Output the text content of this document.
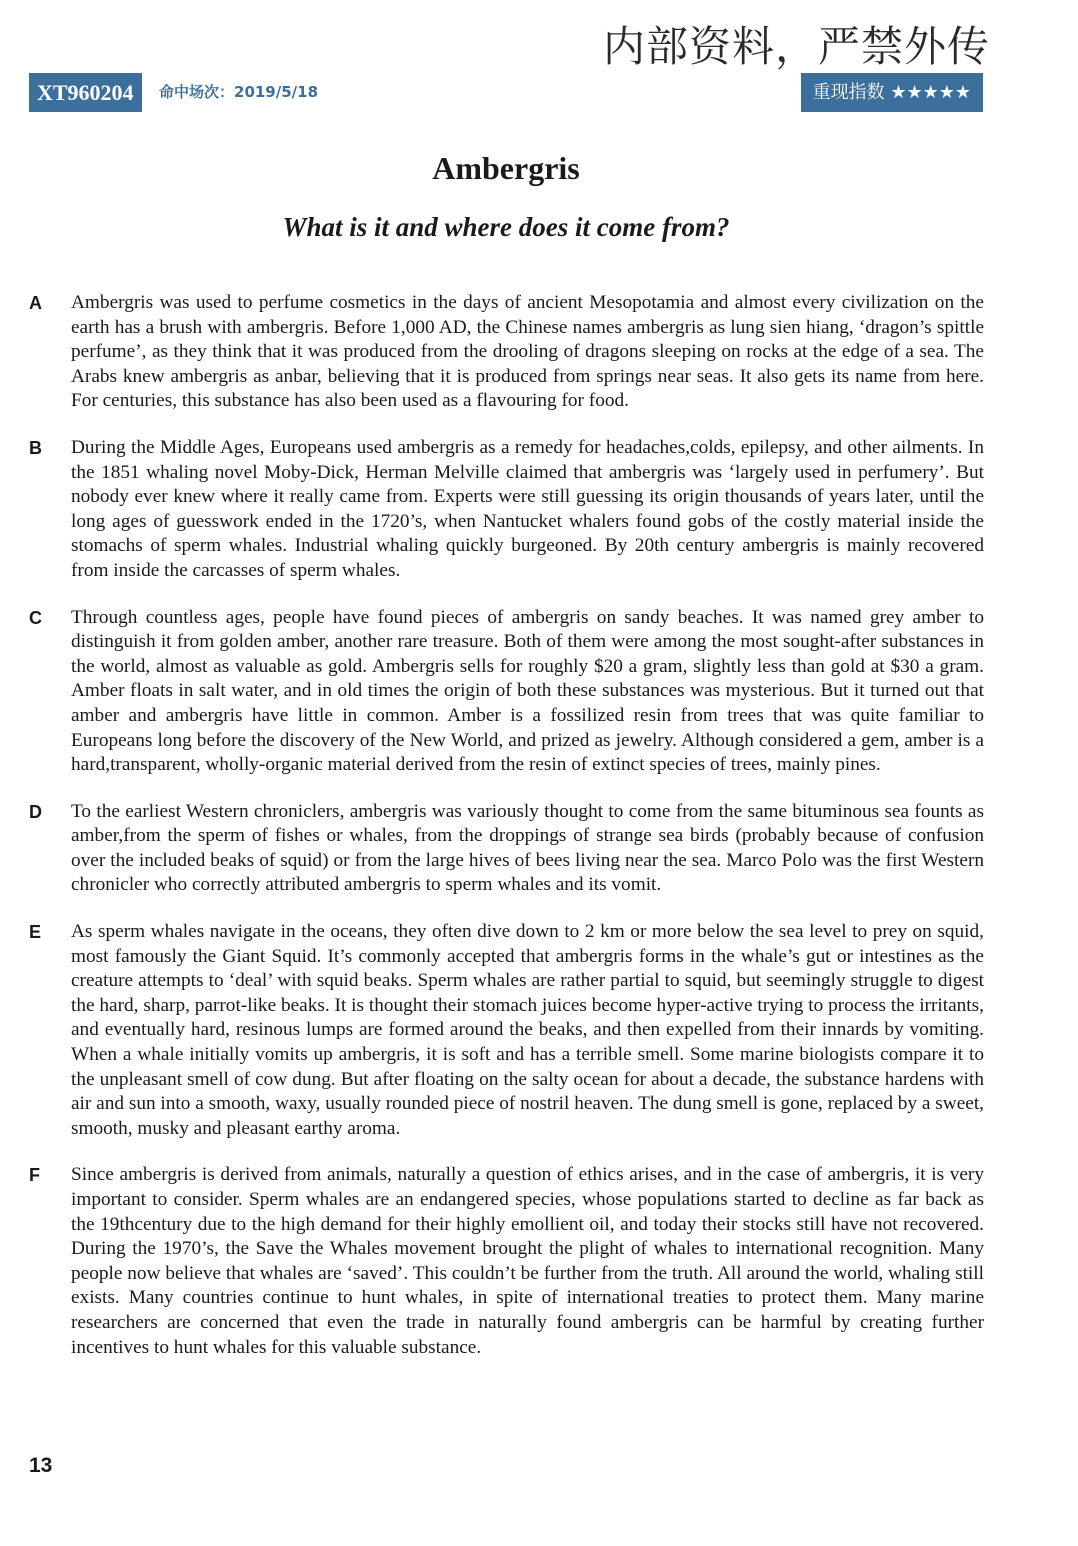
内部资料，严禁外传
XT960204	命中场次：2019/5/18	重现指数 ★★★★★
Ambergris
What is it and where does it come from?
A	Ambergris was used to perfume cosmetics in the days of ancient Mesopotamia and almost every civilization on the earth has a brush with ambergris. Before 1,000 AD, the Chinese names ambergris as lung sien hiang, ‘dragon’s spittle perfume’, as they think that it was produced from the drooling of dragons sleeping on rocks at the edge of a sea. The Arabs knew ambergris as anbar, believing that it is produced from springs near seas. It also gets its name from here. For centuries, this substance has also been used as a flavouring for food.
B	During the Middle Ages, Europeans used ambergris as a remedy for headaches,colds, epilepsy, and other ailments. In the 1851 whaling novel Moby-Dick, Herman Melville claimed that ambergris was ‘largely used in perfumery’. But nobody ever knew where it really came from. Experts were still guessing its origin thousands of years later, until the long ages of guesswork ended in the 1720’s, when Nantucket whalers found gobs of the costly material inside the stomachs of sperm whales. Industrial whaling quickly burgeoned. By 20th century ambergris is mainly recovered from inside the carcasses of sperm whales.
C	Through countless ages, people have found pieces of ambergris on sandy beaches. It was named grey amber to distinguish it from golden amber, another rare treasure. Both of them were among the most sought-after substances in the world, almost as valuable as gold. Ambergris sells for roughly $20 a gram, slightly less than gold at $30 a gram. Amber floats in salt water, and in old times the origin of both these substances was mysterious. But it turned out that amber and ambergris have little in common. Amber is a fossilized resin from trees that was quite familiar to Europeans long before the discovery of the New World, and prized as jewelry. Although considered a gem, amber is a hard,transparent, wholly-organic material derived from the resin of extinct species of trees, mainly pines.
D	To the earliest Western chroniclers, ambergris was variously thought to come from the same bituminous sea founts as amber,from the sperm of fishes or whales, from the droppings of strange sea birds (probably because of confusion over the included beaks of squid) or from the large hives of bees living near the sea. Marco Polo was the first Western chronicler who correctly attributed ambergris to sperm whales and its vomit.
E	As sperm whales navigate in the oceans, they often dive down to 2 km or more below the sea level to prey on squid, most famously the Giant Squid. It’s commonly accepted that ambergris forms in the whale’s gut or intestines as the creature attempts to ‘deal’ with squid beaks. Sperm whales are rather partial to squid, but seemingly struggle to digest the hard, sharp, parrot-like beaks. It is thought their stomach juices become hyper-active trying to process the irritants, and eventually hard, resinous lumps are formed around the beaks, and then expelled from their innards by vomiting. When a whale initially vomits up ambergris, it is soft and has a terrible smell. Some marine biologists compare it to the unpleasant smell of cow dung. But after floating on the salty ocean for about a decade, the substance hardens with air and sun into a smooth, waxy, usually rounded piece of nostril heaven. The dung smell is gone, replaced by a sweet, smooth, musky and pleasant earthy aroma.
F	Since ambergris is derived from animals, naturally a question of ethics arises, and in the case of ambergris, it is very important to consider. Sperm whales are an endangered species, whose populations started to decline as far back as the 19thcentury due to the high demand for their highly emollient oil, and today their stocks still have not recovered. During the 1970’s, the Save the Whales movement brought the plight of whales to international recognition. Many people now believe that whales are ‘saved’. This couldn’t be further from the truth. All around the world, whaling still exists. Many countries continue to hunt whales, in spite of international treaties to protect them. Many marine researchers are concerned that even the trade in naturally found ambergris can be harmful by creating further incentives to hunt whales for this valuable substance.
13
